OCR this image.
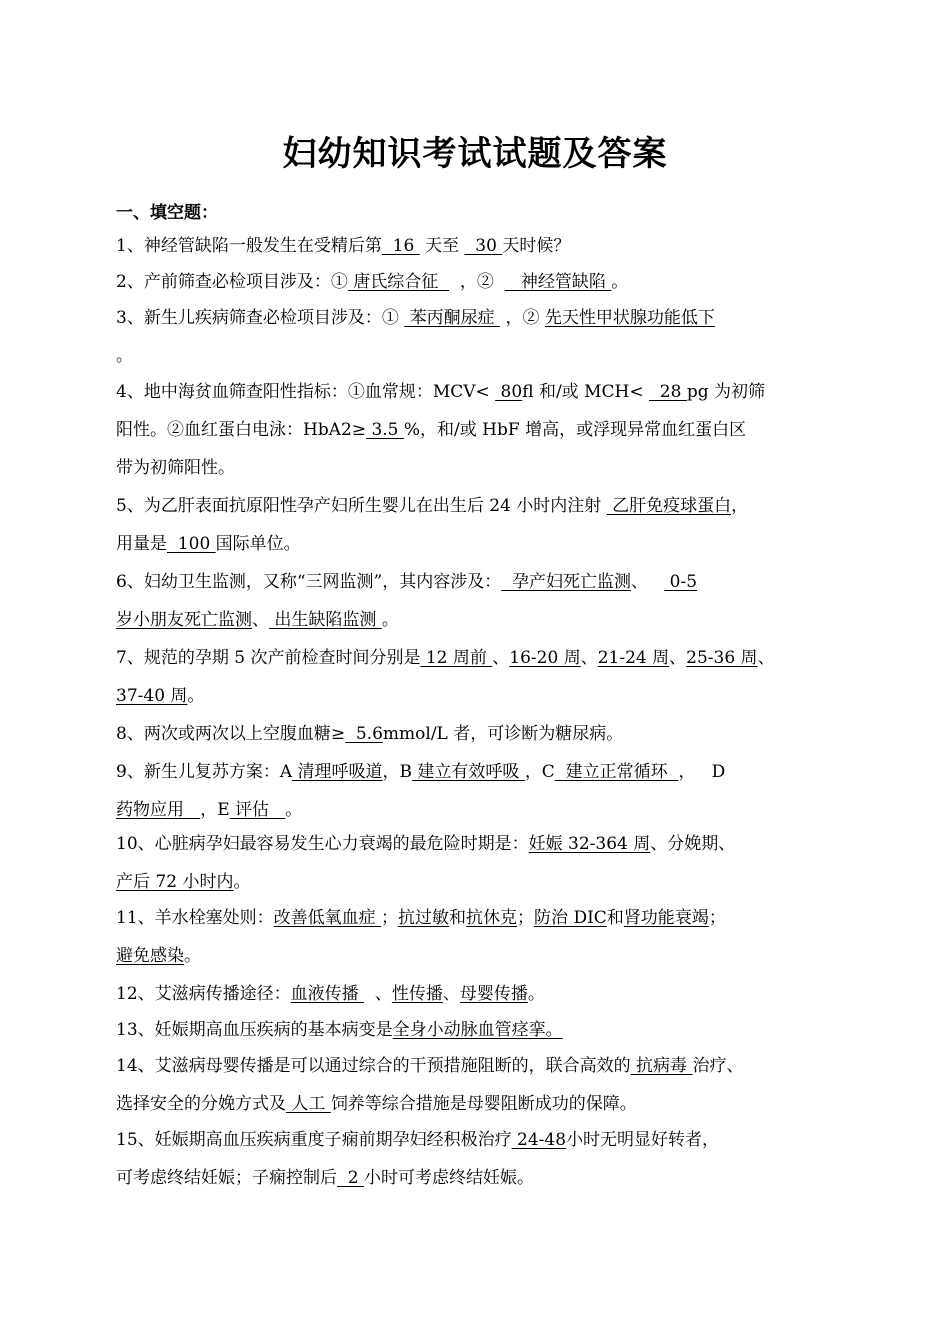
妇幼知识考试试题及答案

一、填空题：

1、神经管缺陷一般发生在受精后第  16  天至   30 天时候？

2、产前筛查必检项目涉及：① 唐氏综合征    ，②     神经管缺陷 。

3、新生儿疾病筛查必检项目涉及：①  苯丙酮尿症  ，② 先天性甲状腺功能低下

。

4、地中海贫血筛查阳性指标：①血常规：MCV<  80fl 和/或 MCH<   28 pg 为初筛

阳性。②血红蛋白电泳：HbA2≥ 3.5 %，和/或 HbF 增高，或浮现异常血红蛋白区

带为初筛阳性。

5、为乙肝表面抗原阳性孕产妇所生婴儿在出生后 24 小时内注射  乙肝免疫球蛋白，

用量是  100 国际单位。

6、妇幼卫生监测，又称“三网监测”，其内容涉及：  孕产妇死亡监测、    0-5

岁小朋友死亡监测、 出生缺陷监测 。

7、规范的孕期 5 次产前检查时间分别是 12 周前 、16-20 周、21-24 周、25-36 周、

37-40 周。

8、两次或两次以上空腹血糖≥  5.6mmol/L 者，可诊断为糖尿病。

9、新生儿复苏方案：A 清理呼吸道，B 建立有效呼吸 ，C  建立正常循环  ，   D

药物应用   ，E 评估   。

10、心脏病孕妇最容易发生心力衰竭的最危险时期是：妊娠 32-364 周、分娩期、

产后 72 小时内。

11、羊水栓塞处则：改善低氧血症 ；抗过敏和抗休克；防治 DIC和肾功能衰竭；

避免感染。

12、艾滋病传播途径：血液传播   、性传播、母婴传播。

13、妊娠期高血压疾病的基本病变是全身小动脉血管痉挛。

14、艾滋病母婴传播是可以通过综合的干预措施阻断的，联合高效的 抗病毒 治疗、

选择安全的分娩方式及 人工 饲养等综合措施是母婴阻断成功的保障。

15、妊娠期高血压疾病重度子痫前期孕妇经积极治疗 24-48小时无明显好转者，

可考虑终结妊娠；子痫控制后  2 小时可考虑终结妊娠。
